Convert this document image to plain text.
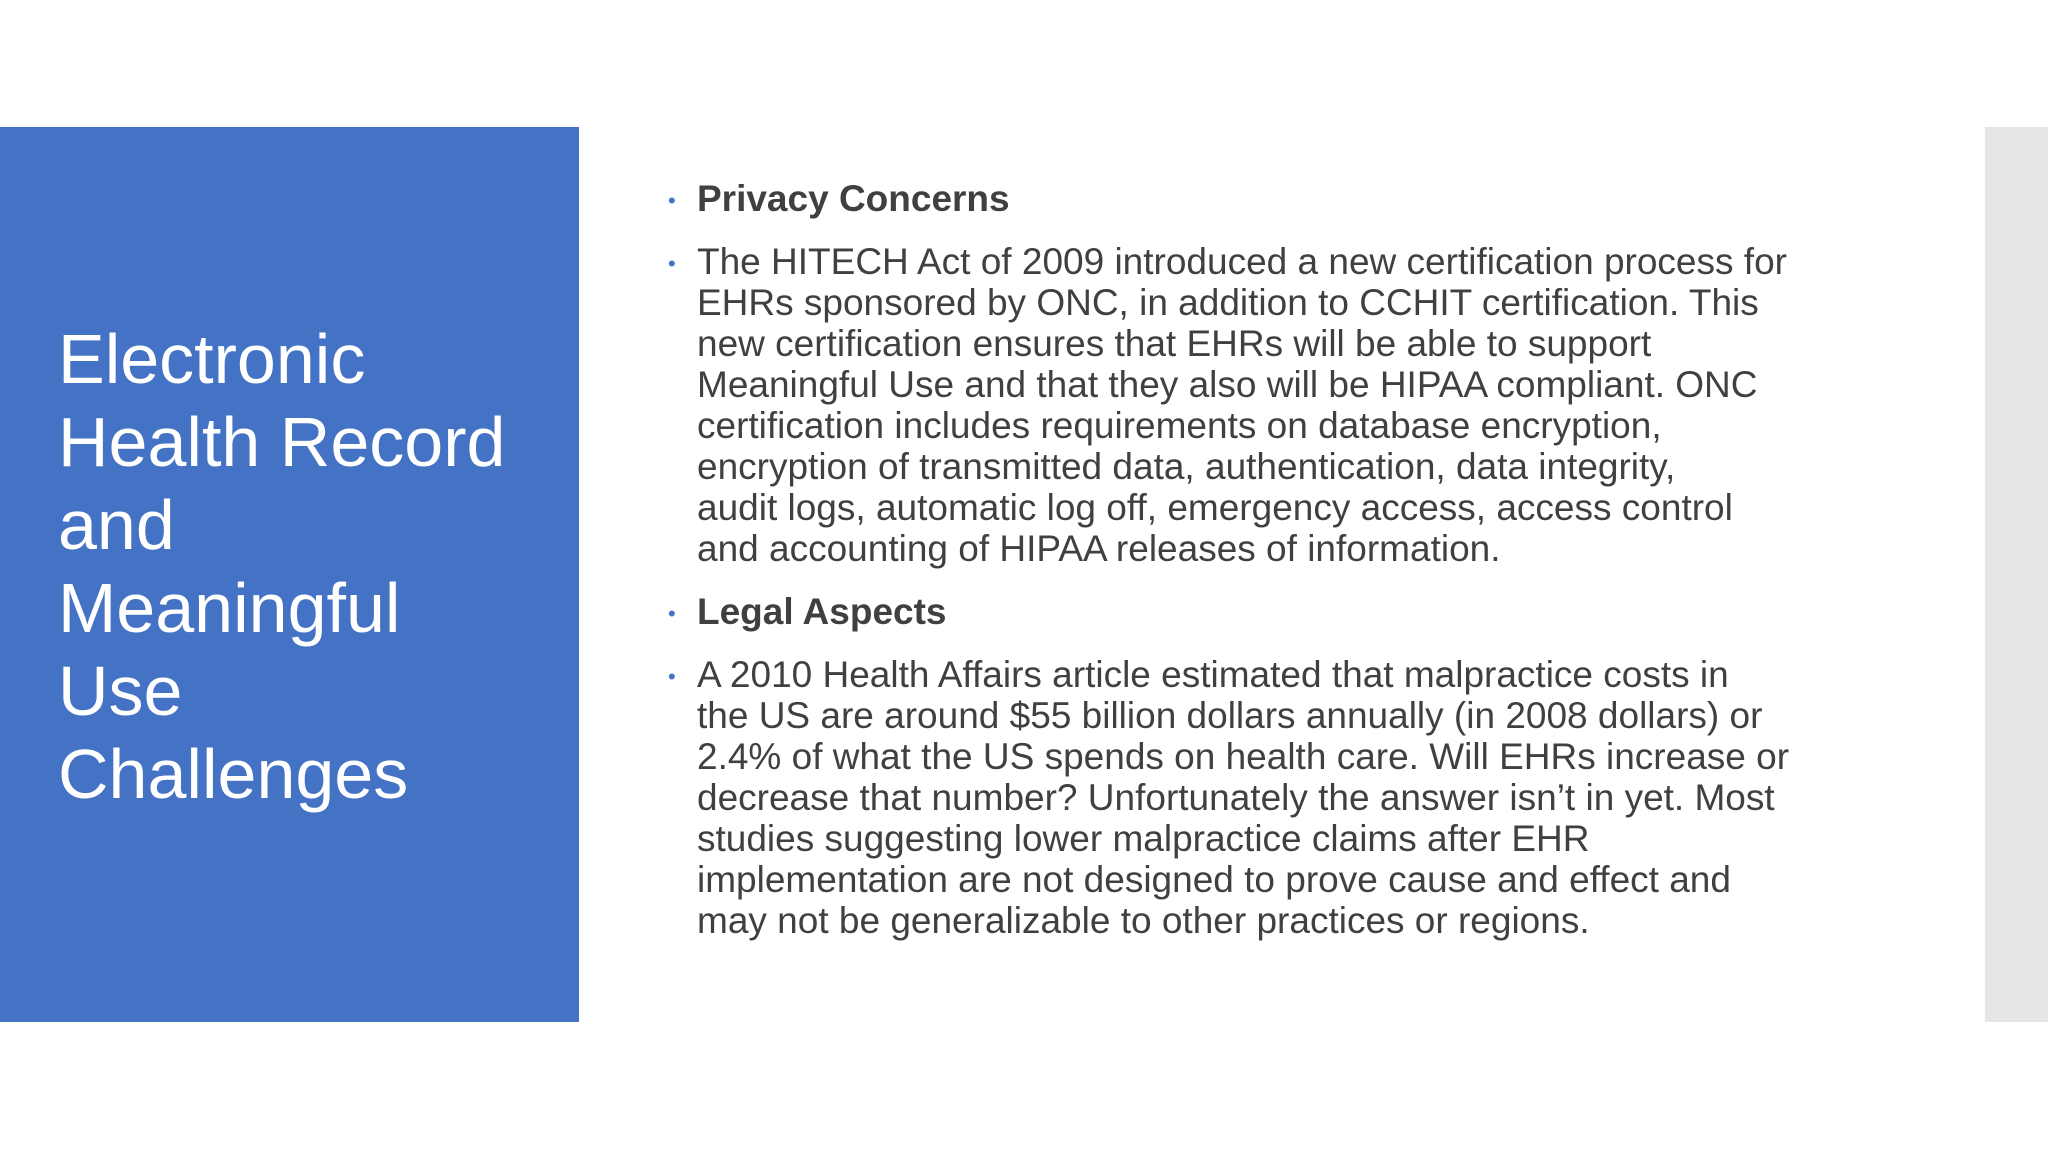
Electronic
Health Record
and
Meaningful
Use
Challenges
• Privacy Concerns
• The HITECH Act of 2009 introduced a new certification process for
EHRs sponsored by ONC, in addition to CCHIT certification. This
new certification ensures that EHRs will be able to support
Meaningful Use and that they also will be HIPAA compliant. ONC
certification includes requirements on database encryption,
encryption of transmitted data, authentication, data integrity,
audit logs, automatic log off, emergency access, access control
and accounting of HIPAA releases of information.
• Legal Aspects
• A 2010 Health Affairs article estimated that malpractice costs in
the US are around $55 billion dollars annually (in 2008 dollars) or
2.4% of what the US spends on health care. Will EHRs increase or
decrease that number? Unfortunately the answer isn’t in yet. Most
studies suggesting lower malpractice claims after EHR
implementation are not designed to prove cause and effect and
may not be generalizable to other practices or regions.
